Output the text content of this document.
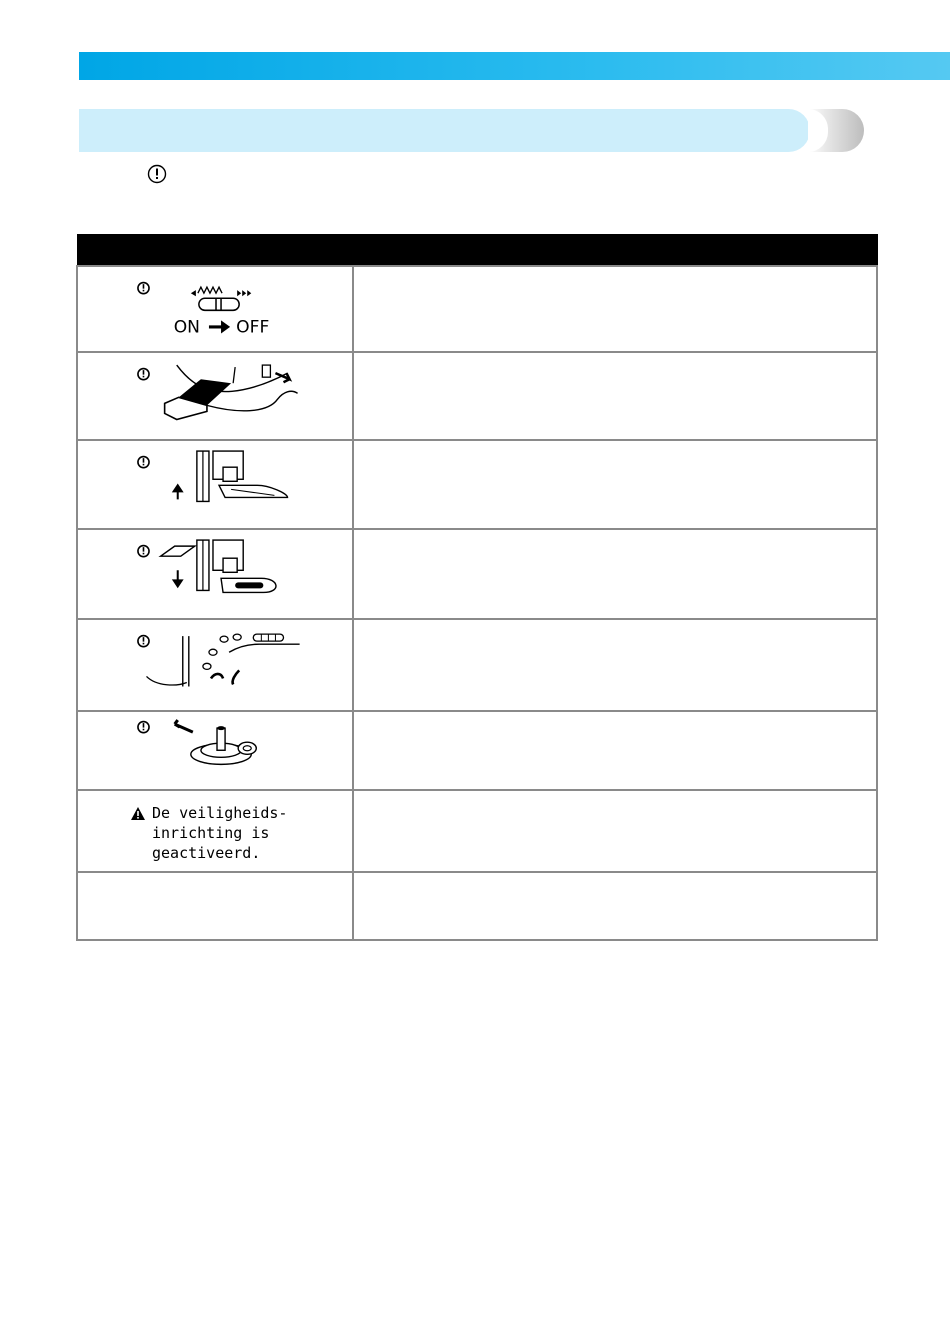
ON OFF	

De veiligheids-
inrichting is
geactiveerd.	
